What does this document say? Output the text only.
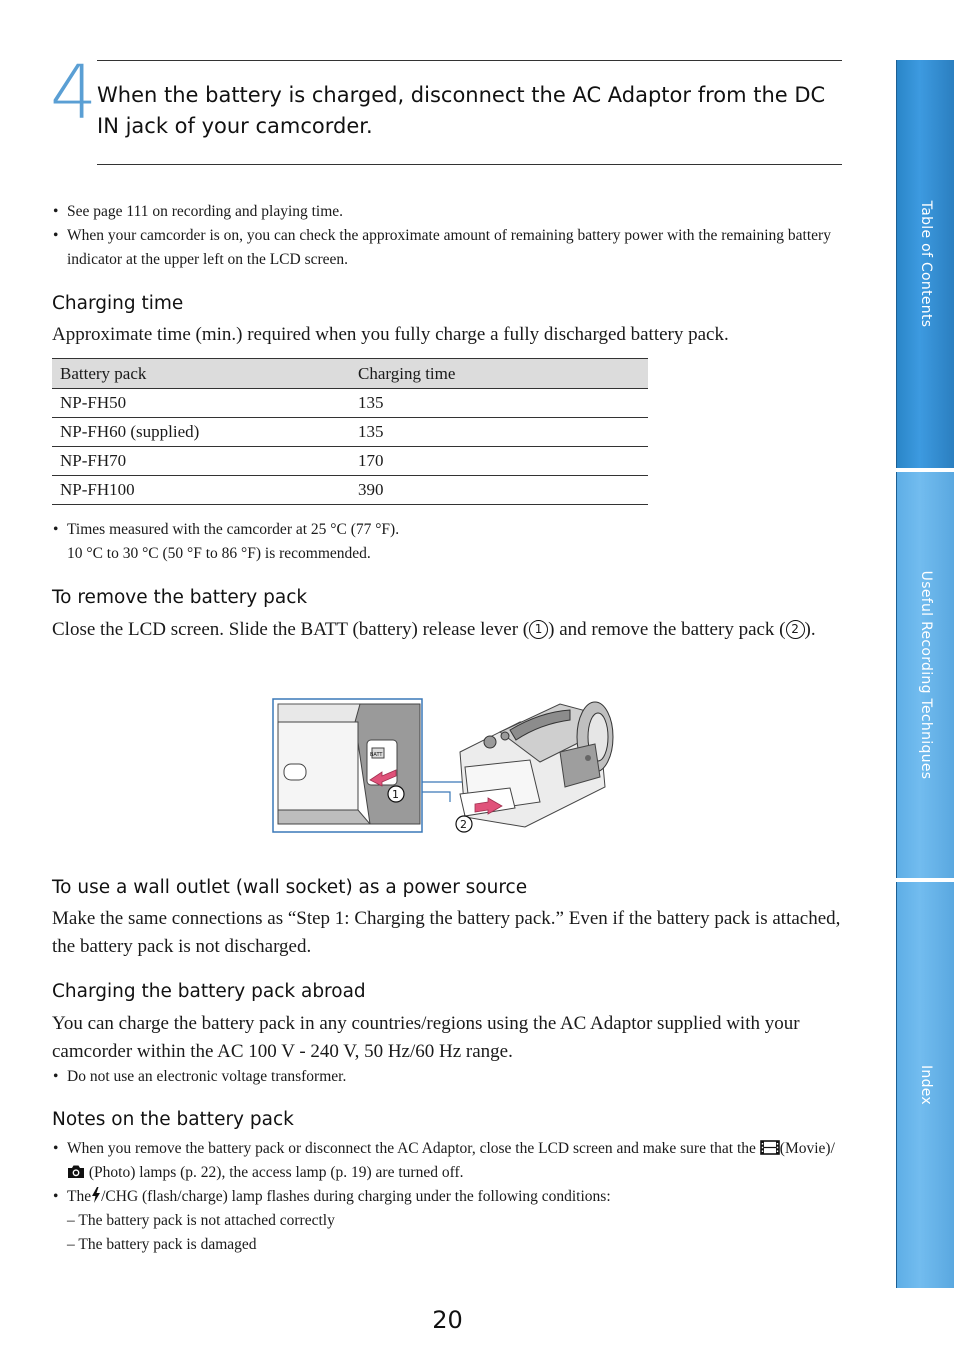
4 When the battery is charged, disconnect the AC Adaptor from the DC IN jack of your camcorder.
• See page 111 on recording and playing time.
• When your camcorder is on, you can check the approximate amount of remaining battery power with the remaining battery indicator at the upper left on the LCD screen.
Charging time
Approximate time (min.) required when you fully charge a fully discharged battery pack.
Battery pack	Charging time
NP-FH50	135
NP-FH60 (supplied)	135
NP-FH70	170
NP-FH100	390
• Times measured with the camcorder at 25 °C (77 °F).
10 °C to 30 °C (50 °F to 86 °F) is recommended.
To remove the battery pack
Close the LCD screen. Slide the BATT (battery) release lever ( 1 ) and remove the battery pack ( 2 ).
BATT
1
2
To use a wall outlet (wall socket) as a power source
Make the same connections as “Step 1: Charging the battery pack.” Even if the battery pack is attached, the battery pack is not discharged.
Charging the battery pack abroad
You can charge the battery pack in any countries/regions using the AC Adaptor supplied with your camcorder within the AC 100 V - 240 V, 50 Hz/60 Hz range.
• Do not use an electronic voltage transformer.
Notes on the battery pack
• When you remove the battery pack or disconnect the AC Adaptor, close the LCD screen and make sure that the (Movie)/ (Photo) lamps (p. 22), the access lamp (p. 19) are turned off.
• The /CHG (flash/charge) lamp flashes during charging under the following conditions:
– The battery pack is not attached correctly
– The battery pack is damaged
Table of Contents
Useful Recording Techniques
Index
20
